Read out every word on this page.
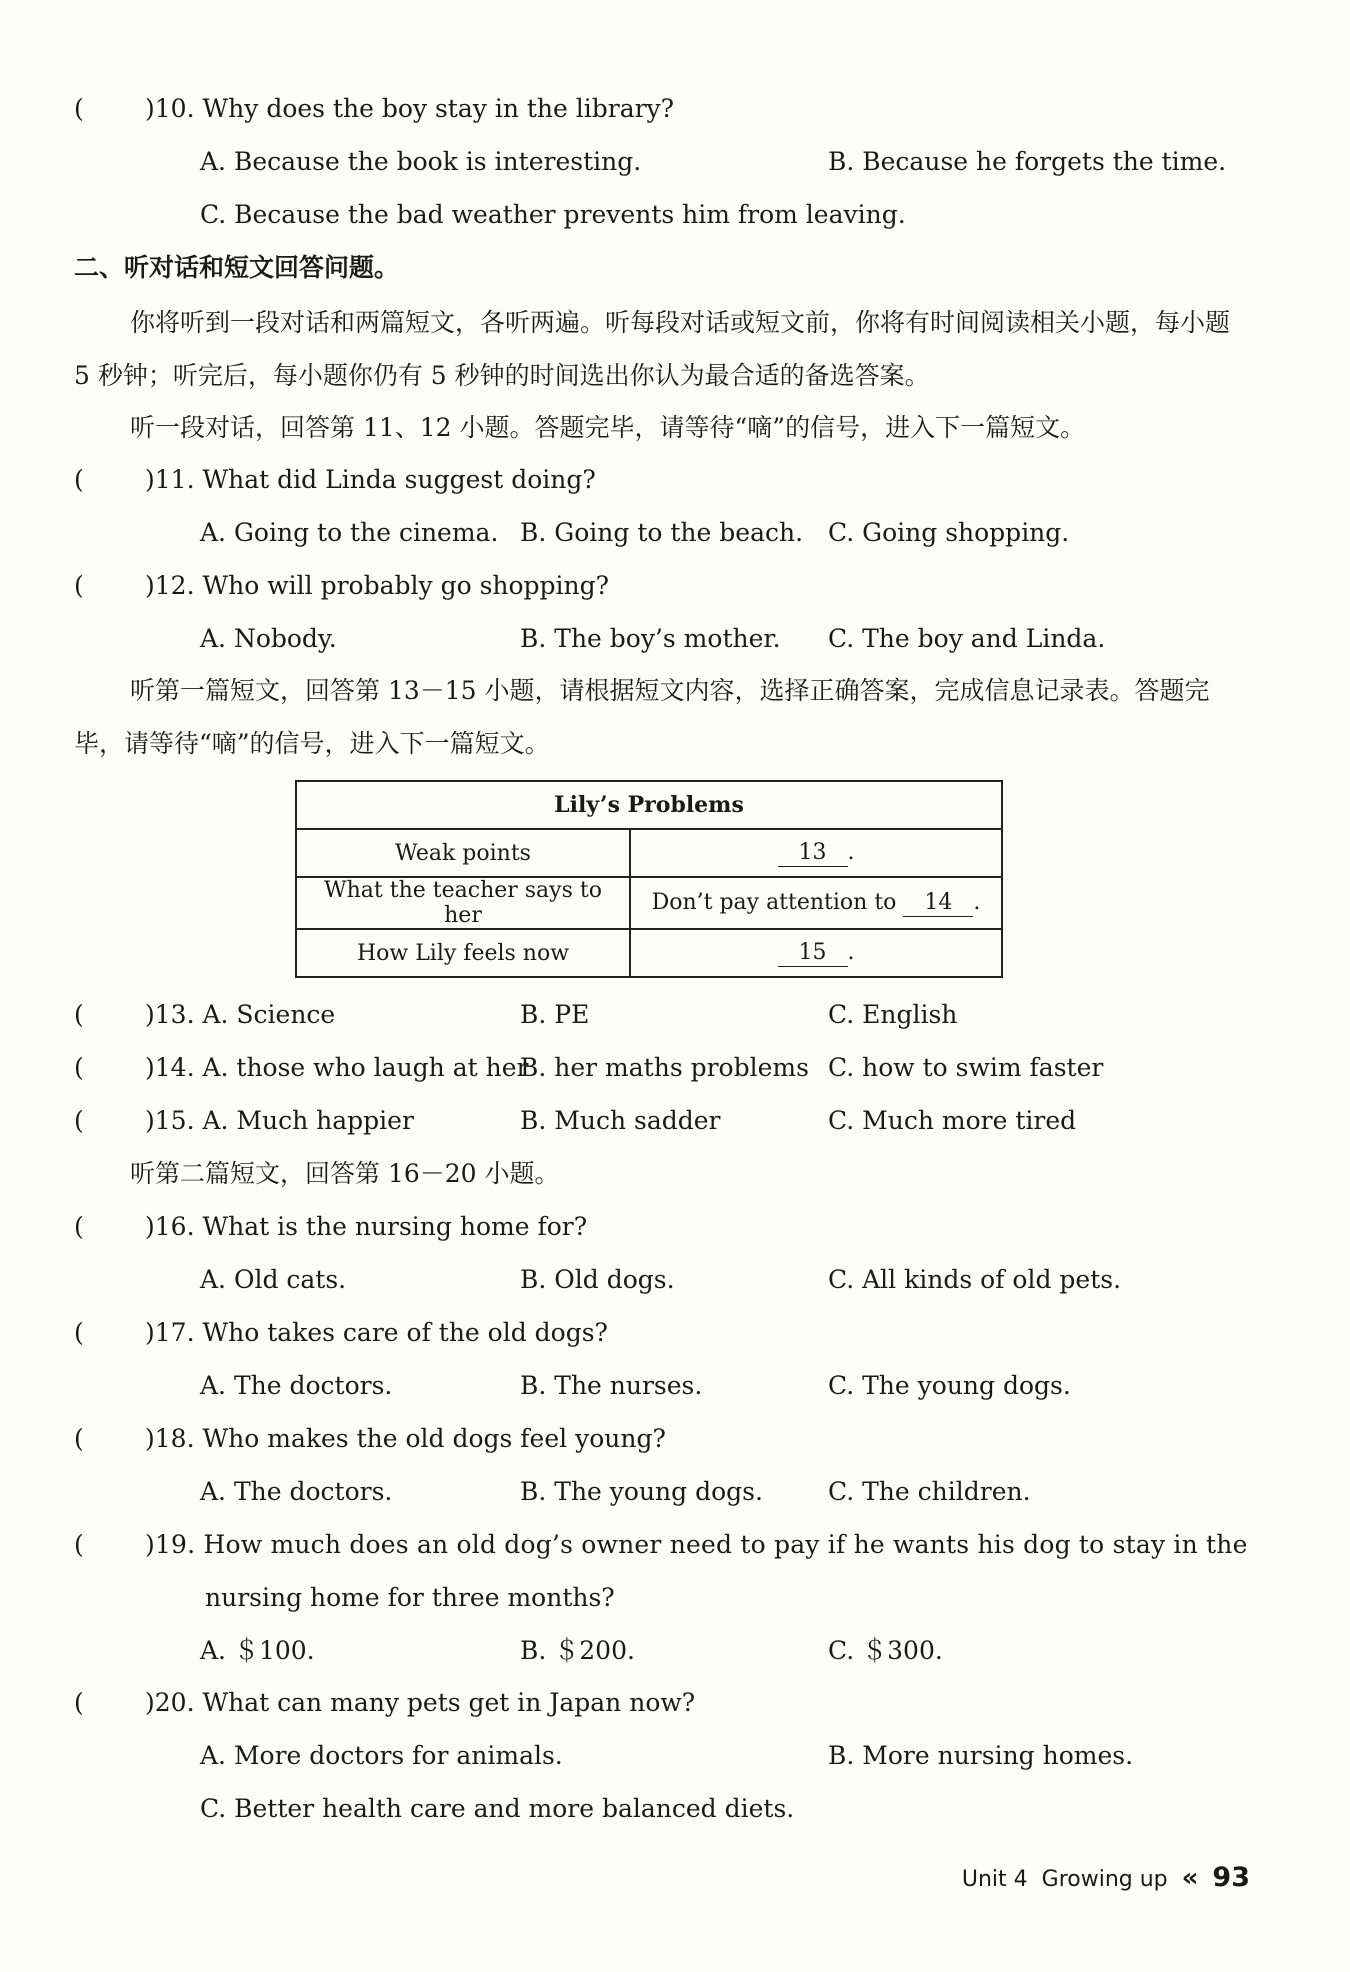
( )10. Why does the boy stay in the library?
A. Because the book is interesting.	B. Because he forgets the time.
C. Because the bad weather prevents him from leaving.
二、听对话和短文回答问题。
你将听到一段对话和两篇短文，各听两遍。听每段对话或短文前，你将有时间阅读相关小题，每小题 5 秒钟；听完后，每小题你仍有 5 秒钟的时间选出你认为最合适的备选答案。
听一段对话，回答第 11、12 小题。答题完毕，请等待“嘀”的信号，进入下一篇短文。
( )11. What did Linda suggest doing?
A. Going to the cinema. B. Going to the beach. C. Going shopping.
( )12. Who will probably go shopping?
A. Nobody.	B. The boy’s mother. C. The boy and Linda.
听第一篇短文，回答第 13－15 小题，请根据短文内容，选择正确答案，完成信息记录表。答题完毕，请等待“嘀”的信号，进入下一篇短文。
Lily’s Problems	
Weak points	13 .
What the teacher says to her	Don’t pay attention to 14 .
How Lily feels now	15 .
( )13. A. Science	B. PE	C. English
( )14. A. those who laugh at her
B. her maths problems C. how to swim faster
( )15. A. Much happier	B. Much sadder	C. Much more tired
听第二篇短文，回答第 16－20 小题。
( )16. What is the nursing home for?
A. Old cats.	B. Old dogs.	C. All kinds of old pets.
( )17. Who takes care of the old dogs?
A. The doctors.	B. The nurses.	C. The young dogs.
( )18. Who makes the old dogs feel young?
A. The doctors.	B. The young dogs.	C. The children.
( )19. How much does an old dog’s owner need to pay if he wants his dog to stay in the
nursing home for three months?
A. ＄100.	B. ＄200.	C. ＄300.
( )20. What can many pets get in Japan now?
A. More doctors for animals.	B. More nursing homes.
C. Better health care and more balanced diets.
Unit 4 Growing up « 93
